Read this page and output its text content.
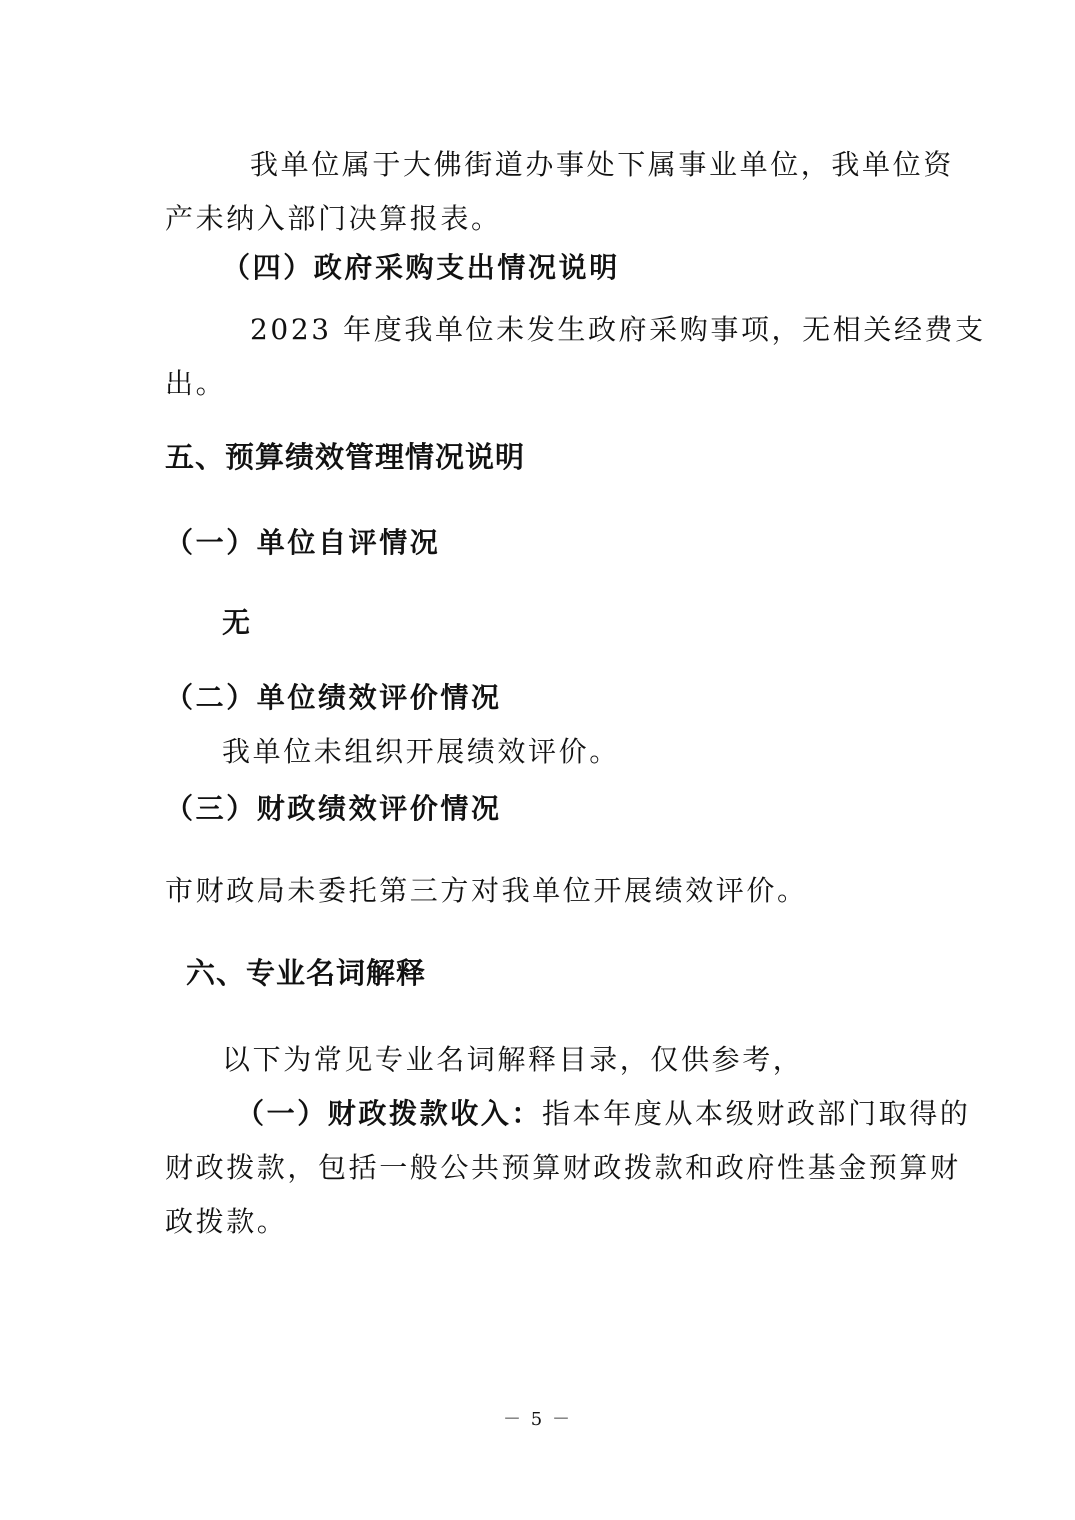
我单位属于大佛街道办事处下属事业单位，我单位资
产未纳入部门决算报表。
（四）政府采购支出情况说明
2023 年度我单位未发生政府采购事项，无相关经费支
出。
五、预算绩效管理情况说明
（一）单位自评情况
无
（二）单位绩效评价情况
我单位未组织开展绩效评价。
（三）财政绩效评价情况
市财政局未委托第三方对我单位开展绩效评价。
六、专业名词解释
以下为常见专业名词解释目录，仅供参考，
（一）财政拨款收入： 指本年度从本级财政部门取得的
财政拨款，包括一般公共预算财政拨款和政府性基金预算财
政拨款。
－ 5 －
